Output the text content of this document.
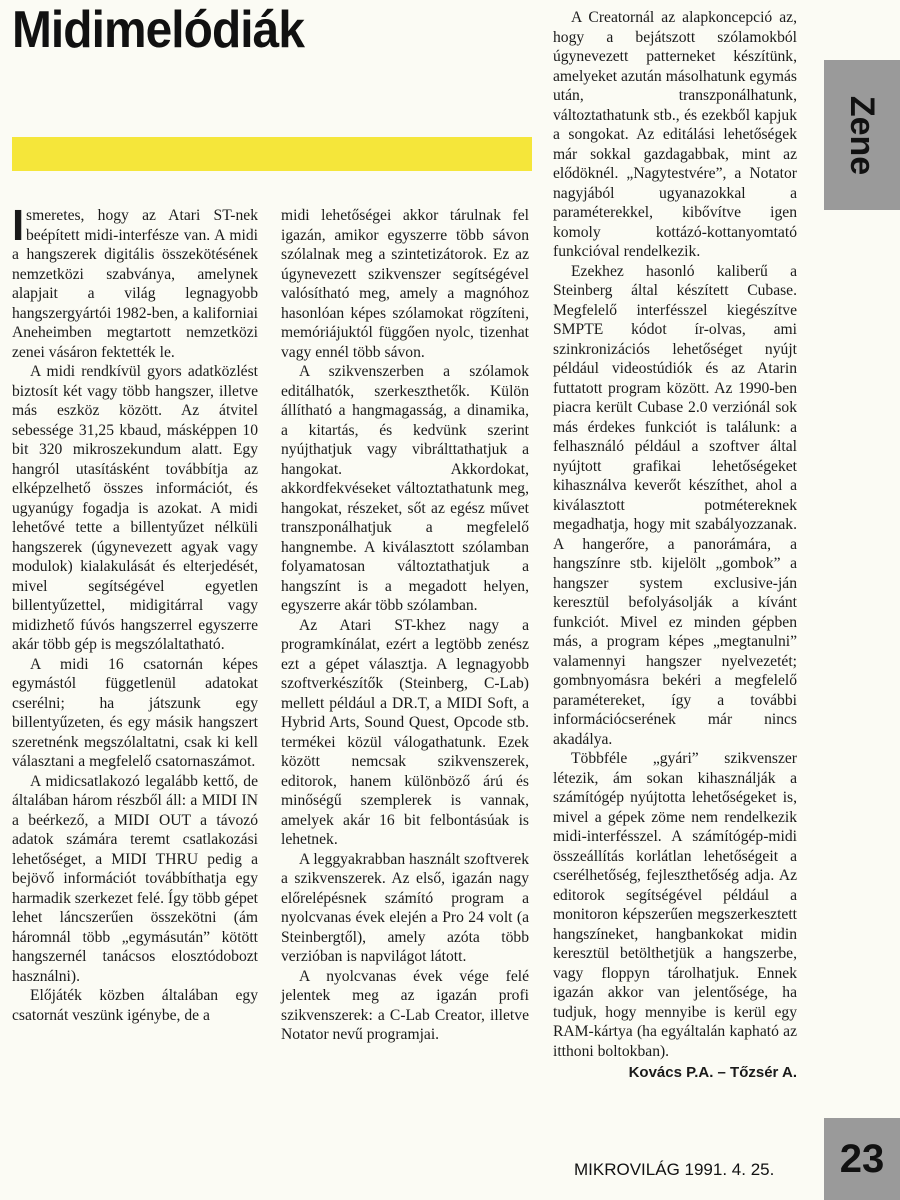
Midimelódiák
Zene

Ismeretes, hogy az Atari ST-nek beépített midi-interfésze van. A midi a hangszerek digitális összekötésének nemzetközi szabványa, amelynek alapjait a világ legnagyobb hangszergyártói 1982-ben, a kaliforniai Aneheimben megtartott nemzetközi zenei vásáron fektették le.

A midi rendkívül gyors adatközlést biztosít két vagy több hangszer, illetve más eszköz között. Az átvitel sebessége 31,25 kbaud, másképpen 10 bit 320 mikroszekundum alatt. Egy hangról utasításként továbbítja az elképzelhető összes információt, és ugyanúgy fogadja is azokat. A midi lehetővé tette a billentyűzet nélküli hangszerek (úgynevezett agyak vagy modulok) kialakulását és elterjedését, mivel segítségével egyetlen billentyűzettel, midigitárral vagy midizhető fúvós hangszerrel egyszerre akár több gép is megszólaltatható.

A midi 16 csatornán képes egymástól függetlenül adatokat cserélni; ha játszunk egy billentyűzeten, és egy másik hangszert szeretnénk megszólaltatni, csak ki kell választani a megfelelő csatornaszámot.

A midicsatlakozó legalább kettő, de általában három részből áll: a MIDI IN a beérkező, a MIDI OUT a távozó adatok számára teremt csatlakozási lehetőséget, a MIDI THRU pedig a bejövő információt továbbíthatja egy harmadik szerkezet felé. Így több gépet lehet láncszerűen összekötni (ám háromnál több „egymásután” kötött hangszernél tanácsos elosztódobozt használni).

Előjáték közben általában egy csatornát veszünk igénybe, de a

midi lehetőségei akkor tárulnak fel igazán, amikor egyszerre több sávon szólalnak meg a szintetizátorok. Ez az úgynevezett szikvenszer segítségével valósítható meg, amely a magnóhoz hasonlóan képes szólamokat rögzíteni, memóriájuktól függően nyolc, tizenhat vagy ennél több sávon.

A szikvenszerben a szólamok editálhatók, szerkeszthetők. Külön állítható a hangmagasság, a dinamika, a kitartás, és kedvünk szerint nyújthatjuk vagy vibrálttathatjuk a hangokat. Akkordokat, akkordfekvéseket változtathatunk meg, hangokat, részeket, sőt az egész művet transzponálhatjuk a megfelelő hangnembe. A kiválasztott szólamban folyamatosan változtathatjuk a hangszínt is a megadott helyen, egyszerre akár több szólamban.

Az Atari ST-khez nagy a programkínálat, ezért a legtöbb zenész ezt a gépet választja. A legnagyobb szoftverkészítők (Steinberg, C-Lab) mellett például a DR.T, a MIDI Soft, a Hybrid Arts, Sound Quest, Opcode stb. termékei közül válogathatunk. Ezek között nemcsak szikvenszerek, editorok, hanem különböző árú és minőségű szemplerek is vannak, amelyek akár 16 bit felbontásúak is lehetnek.

A leggyakrabban használt szoftverek a szikvenszerek. Az első, igazán nagy előrelépésnek számító program a nyolcvanas évek elején a Pro 24 volt (a Steinbergtől), amely azóta több verzióban is napvilágot látott.

A nyolcvanas évek vége felé jelentek meg az igazán profi szikvenszerek: a C-Lab Creator, illetve Notator nevű programjai.

A Creatornál az alapkoncepció az, hogy a bejátszott szólamokból úgynevezett patterneket készítünk, amelyeket azután másolhatunk egymás után, transzponálhatunk, változtathatunk stb., és ezekből kapjuk a songokat. Az editálási lehetőségek már sokkal gazdagabbak, mint az elődöknél. „Nagytestvére”, a Notator nagyjából ugyanazokkal a paraméterekkel, kibővítve igen komoly kottázó-kottanyomtató funkcióval rendelkezik.

Ezekhez hasonló kaliberű a Steinberg által készített Cubase. Megfelelő interfésszel kiegészítve SMPTE kódot ír-olvas, ami szinkronizációs lehetőséget nyújt például videostúdiók és az Atarin futtatott program között. Az 1990-ben piacra került Cubase 2.0 verziónál sok más érdekes funkciót is találunk: a felhasználó például a szoftver által nyújtott grafikai lehetőségeket kihasználva keverőt készíthet, ahol a kiválasztott potmétereknek megadhatja, hogy mit szabályozzanak. A hangerőre, a panorámára, a hangszínre stb. kijelölt „gombok” a hangszer system exclusive-ján keresztül befolyásolják a kívánt funkciót. Mivel ez minden gépben más, a program képes „megtanulni” valamennyi hangszer nyelvezetét; gombnyomásra bekéri a megfelelő paramétereket, így a további információcserének már nincs akadálya.

Többféle „gyári” szikvenszer létezik, ám sokan kihasználják a számítógép nyújtotta lehetőségeket is, mivel a gépek zöme nem rendelkezik midi-interfésszel. A számítógép-midi összeállítás korlátlan lehetőségeit a cserélhetőség, fejleszthetőség adja. Az editorok segítségével például a monitoron képszerűen megszerkesztett hangszíneket, hangbankokat midin keresztül betölthetjük a hangszerbe, vagy floppyn tárolhatjuk. Ennek igazán akkor van jelentősége, ha tudjuk, hogy mennyibe is kerül egy RAM-kártya (ha egyáltalán kapható az itthoni boltokban).

Kovács P.A. – Tőzsér A.
MIKROVILÁG 1991. 4. 25. 23
